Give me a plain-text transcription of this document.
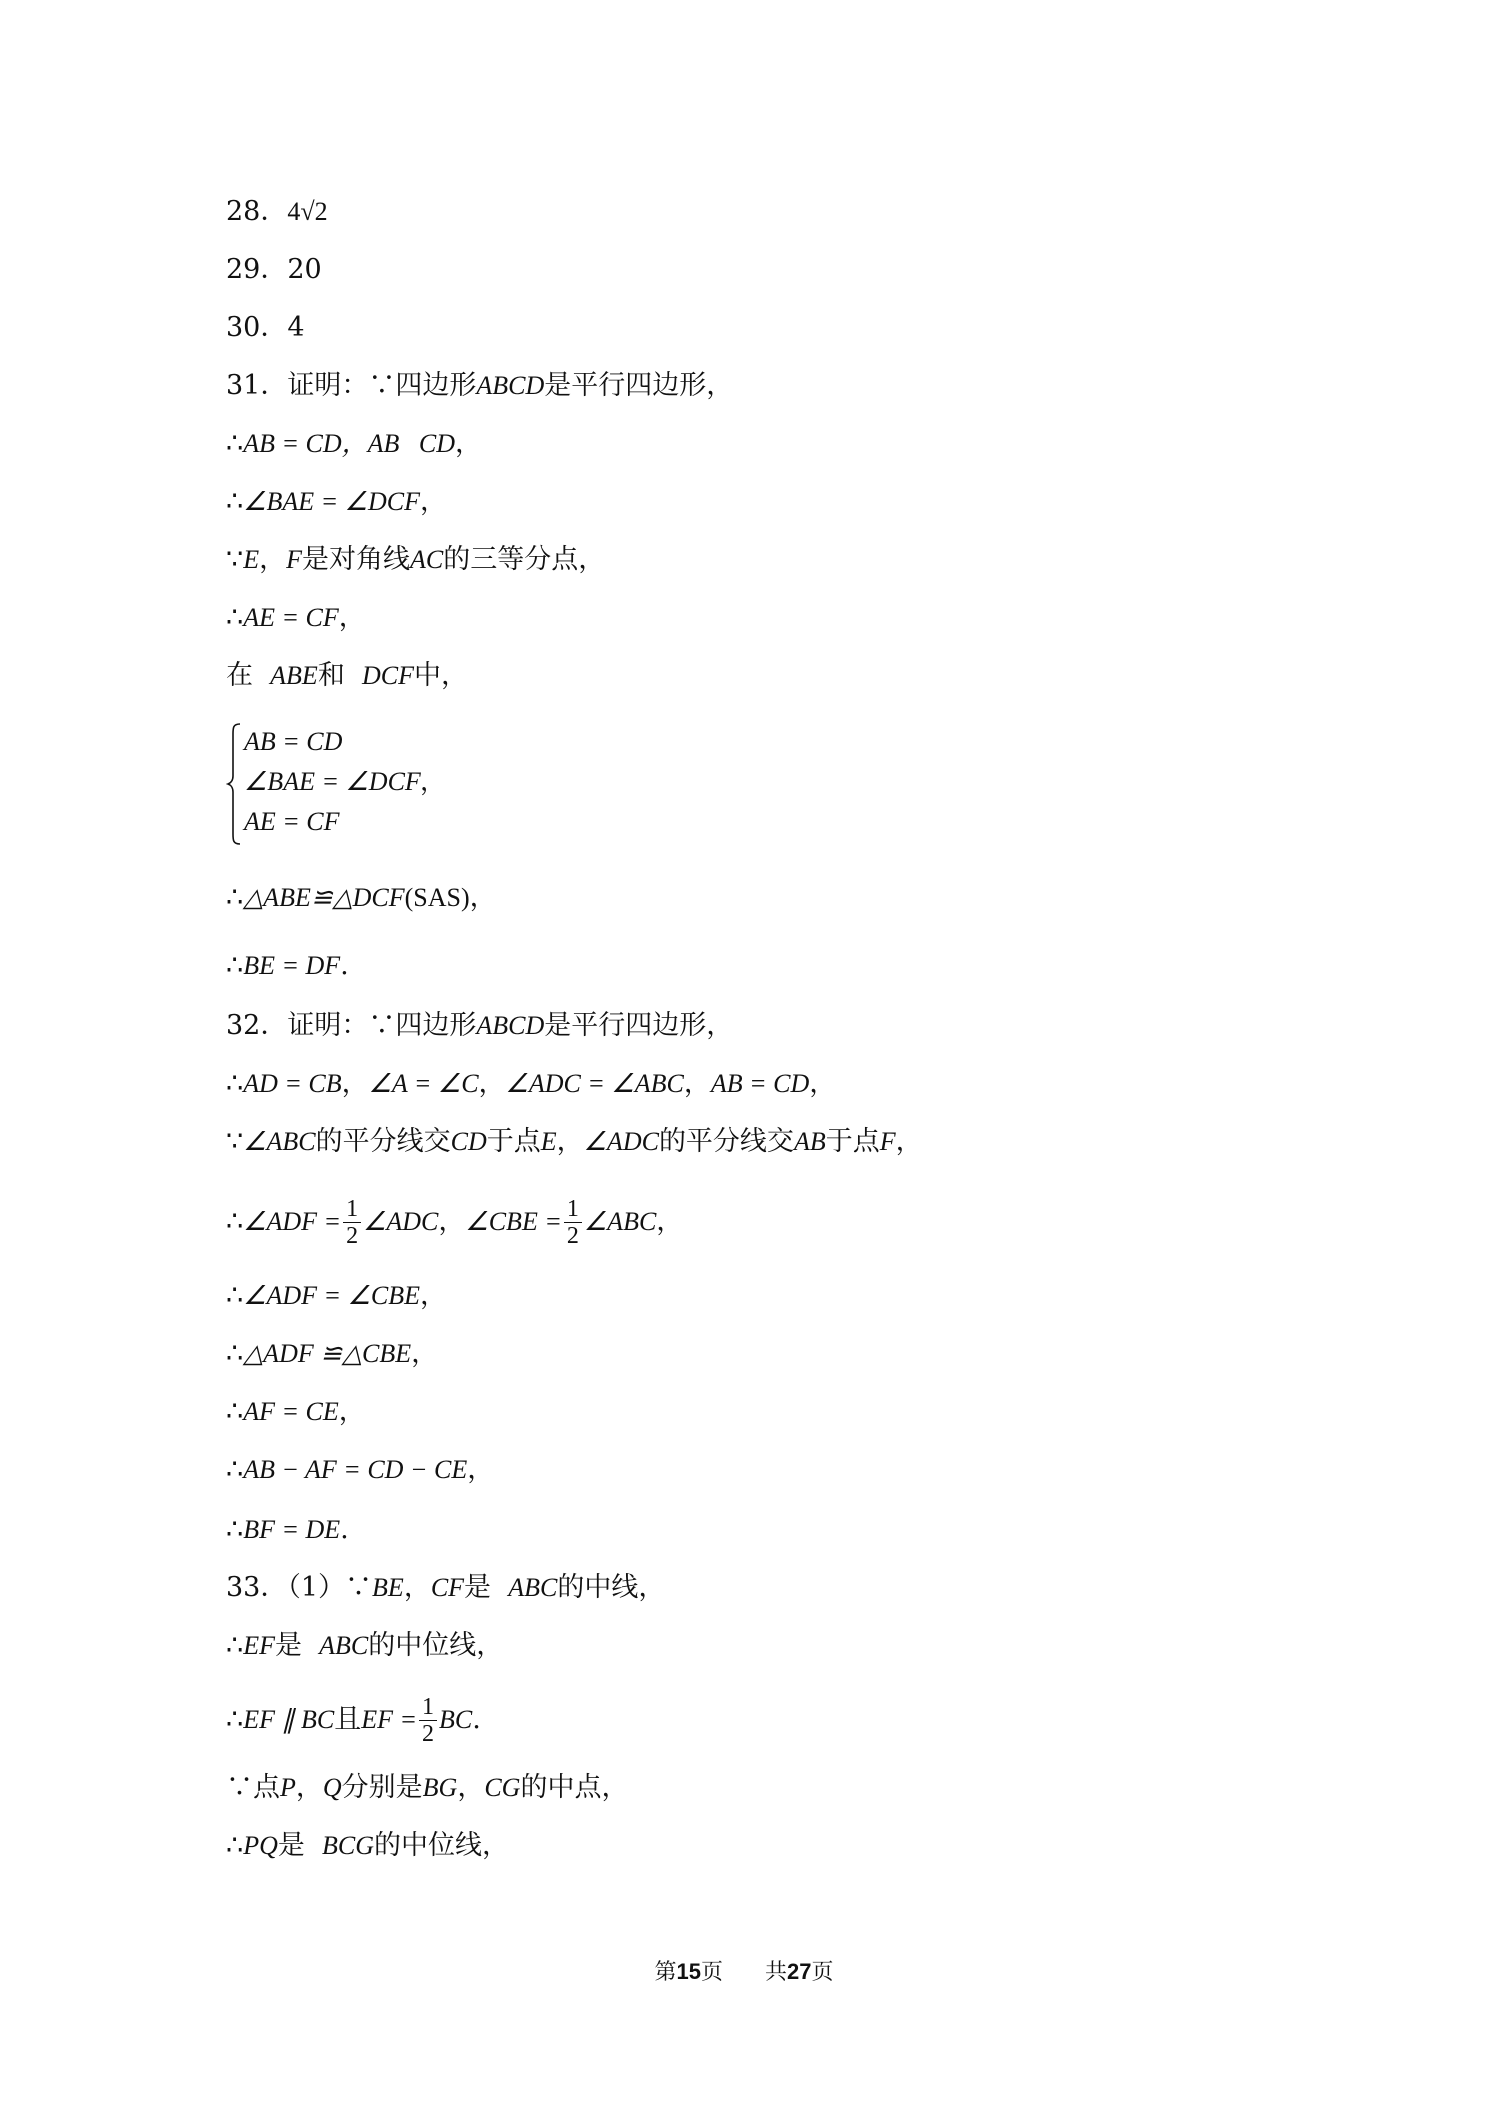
28．4√2
29．20
30．4
31．证明：∵四边形ABCD是平行四边形，
∴AB = CD，AB   CD，
∴∠BAE = ∠DCF，
∵E，F是对角线AC的三等分点，
∴AE = CF，
在  ABE和  DCF中，
AB = CD
∠BAE = ∠DCF
AE = CF
，
∴△ABE≌△DCF(SAS)，
∴BE = DF.
32．证明：∵四边形ABCD是平行四边形，
∴AD = CB，∠A = ∠C，∠ADC = ∠ABC，AB = CD，
∵∠ABC的平分线交CD于点E，∠ADC的平分线交AB于点F，
∴∠ADF = $\frac{1}{2}$ ∠ADC，∠CBE = $\frac{1}{2}$ ∠ABC，
∴∠ADF = ∠CBE，
∴△ADF ≌△CBE，
∴AF = CE，
∴AB − AF = CD − CE，
∴BF = DE.
33．（1）∵BE，CF是  ABC的中线，
∴EF是  ABC的中位线，
∴EF ∥ BC且EF = $\frac{1}{2}$ BC.
∵点P，Q分别是BG，CG的中点，
∴PQ是  BCG的中位线，
第15页      共27页
